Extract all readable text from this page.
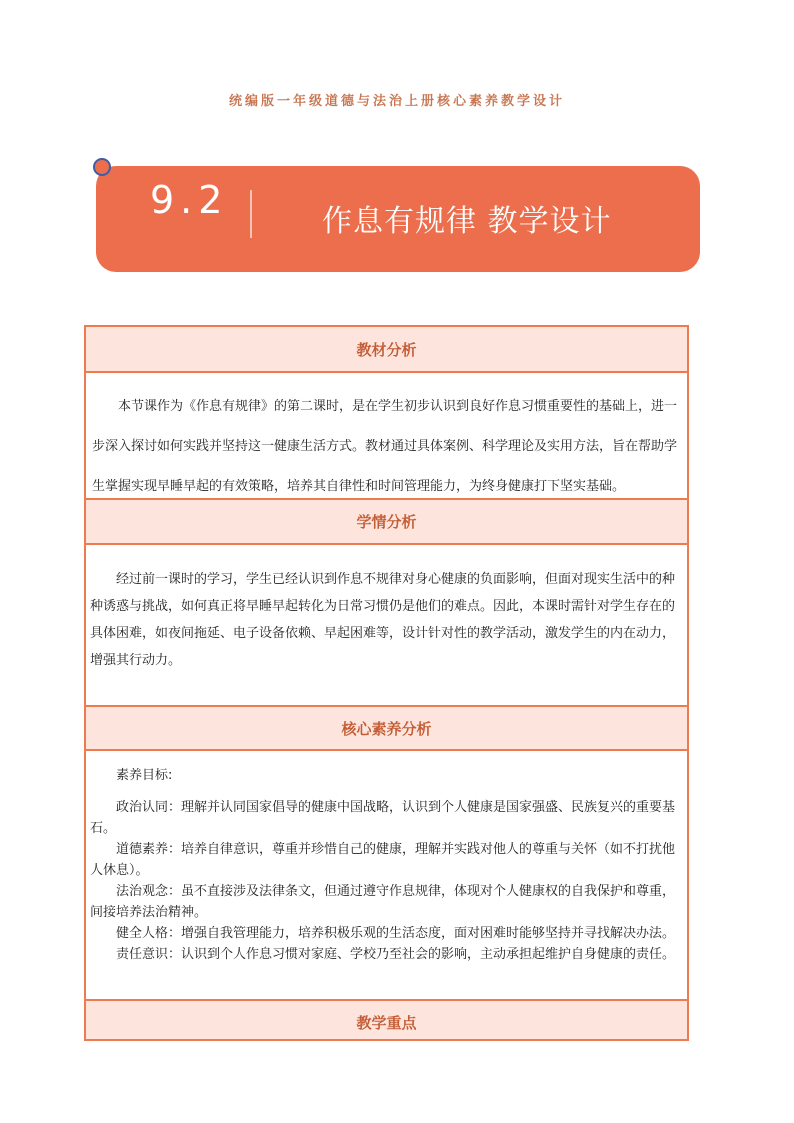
统编版一年级道德与法治上册核心素养教学设计
9.2	作息有规律 教学设计
教材分析

本节课作为《作息有规律》的第二课时，是在学生初步认识到良好作息习惯重要性的基础上，进一步深入探讨如何实践并坚持这一健康生活方式。教材通过具体案例、科学理论及实用方法，旨在帮助学生掌握实现早睡早起的有效策略，培养其自律性和时间管理能力，为终身健康打下坚实基础。

学情分析

经过前一课时的学习，学生已经认识到作息不规律对身心健康的负面影响，但面对现实生活中的种种诱惑与挑战，如何真正将早睡早起转化为日常习惯仍是他们的难点。因此，本课时需针对学生存在的具体困难，如夜间拖延、电子设备依赖、早起困难等，设计针对性的教学活动，激发学生的内在动力，增强其行动力。

核心素养分析

素养目标:

政治认同：理解并认同国家倡导的健康中国战略，认识到个人健康是国家强盛、民族复兴的重要基石。

道德素养：培养自律意识，尊重并珍惜自己的健康，理解并实践对他人的尊重与关怀（如不打扰他人休息）。

法治观念：虽不直接涉及法律条文，但通过遵守作息规律，体现对个人健康权的自我保护和尊重，间接培养法治精神。

健全人格：增强自我管理能力，培养积极乐观的生活态度，面对困难时能够坚持并寻找解决办法。

责任意识：认识到个人作息习惯对家庭、学校乃至社会的影响，主动承担起维护自身健康的责任。

教学重点
